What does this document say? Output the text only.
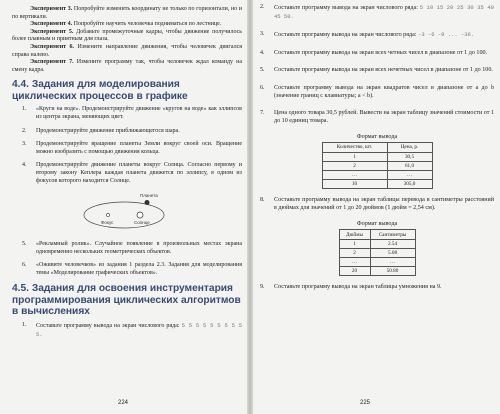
Эксперимент 3. Попробуйте изменить координату не только по горизонтали, но и по вертикали.

Эксперимент 4. Попробуйте научить человечка подниматься по лестнице.

Эксперимент 5. Добавьте промежуточные кадры, чтобы движение получилось более плавным и приятным для глаза.

Эксперимент 6. Измените направление движения, чтобы человечек двигался справа налево.

Эксперимент 7. Измените программу так, чтобы человечек ждал команду на смену кадра.

4.4. Задания для моделирования циклических процессов в графике
1. «Круги на воде». Продемонстрируйте движение «кругов на воде» как эллипсов из центра экрана, меняющих цвет.
2. Продемонстрируйте движение приближающегося шара.
3. Продемонстрируйте вращение планеты Земли вокруг своей оси. Вращение можно изобразить с помощью движения кольца.
4. Продемонстрируйте движение планеты вокруг Солнца. Согласно первому и второму закону Кеплера каждая планета движется по эллипсу, в одном из фокусов которого находится Солнце.
Планета
Фокус	Солнце
5. «Рекламный ролик». Случайное появление в произвольных местах экрана одновременно нескольких геометрических объектов.
6. «Оживите человечков» из задания 1 раздела 2.3. Задания для моделирования темы «Моделирование графических объектов».
4.5. Задания для освоения инструментария программирования циклических алгоритмов в вычислениях
1. Составьте программу вывода на экран числового ряда: 5 5 5 5 5 5 5 5 5 5.
224
2. Составьте программу вывода на экран числового ряда: 5 10 15 20 25 30 35 40 45 50.
3. Составьте программу вывода на экран числового ряда: -3 -6 -9 ... -36.
4. Составьте программу вывода на экран всех четных чисел в диапазоне от 1 до 100.
5. Составьте программу вывода на экран всех нечетных чисел в диапазоне от 1 до 100.
6. Составьте программу вывода на экран квадратов чисел в диапазоне от a до b (значение границ с клавиатуры; a < b).
7. Цена одного товара 30,5 рублей. Вывести на экран таблицу значений стоимости от 1 до 10 единиц товара.
Формат вывода
Количество, шт.	Цена, р.
1	30,5
2	61,0
…	…
10	305,0
8. Составьте программу вывода на экран таблицы перевода в сантиметры расстояний в дюймах для значений от 1 до 20 дюймов (1 дюйм = 2,54 см).
Формат вывода
Дюймы	Сантиметры
1	2.54
2	5.08
…	…
20	50.80
9. Составьте программу вывода на экран таблицы умножения на 9.
225
